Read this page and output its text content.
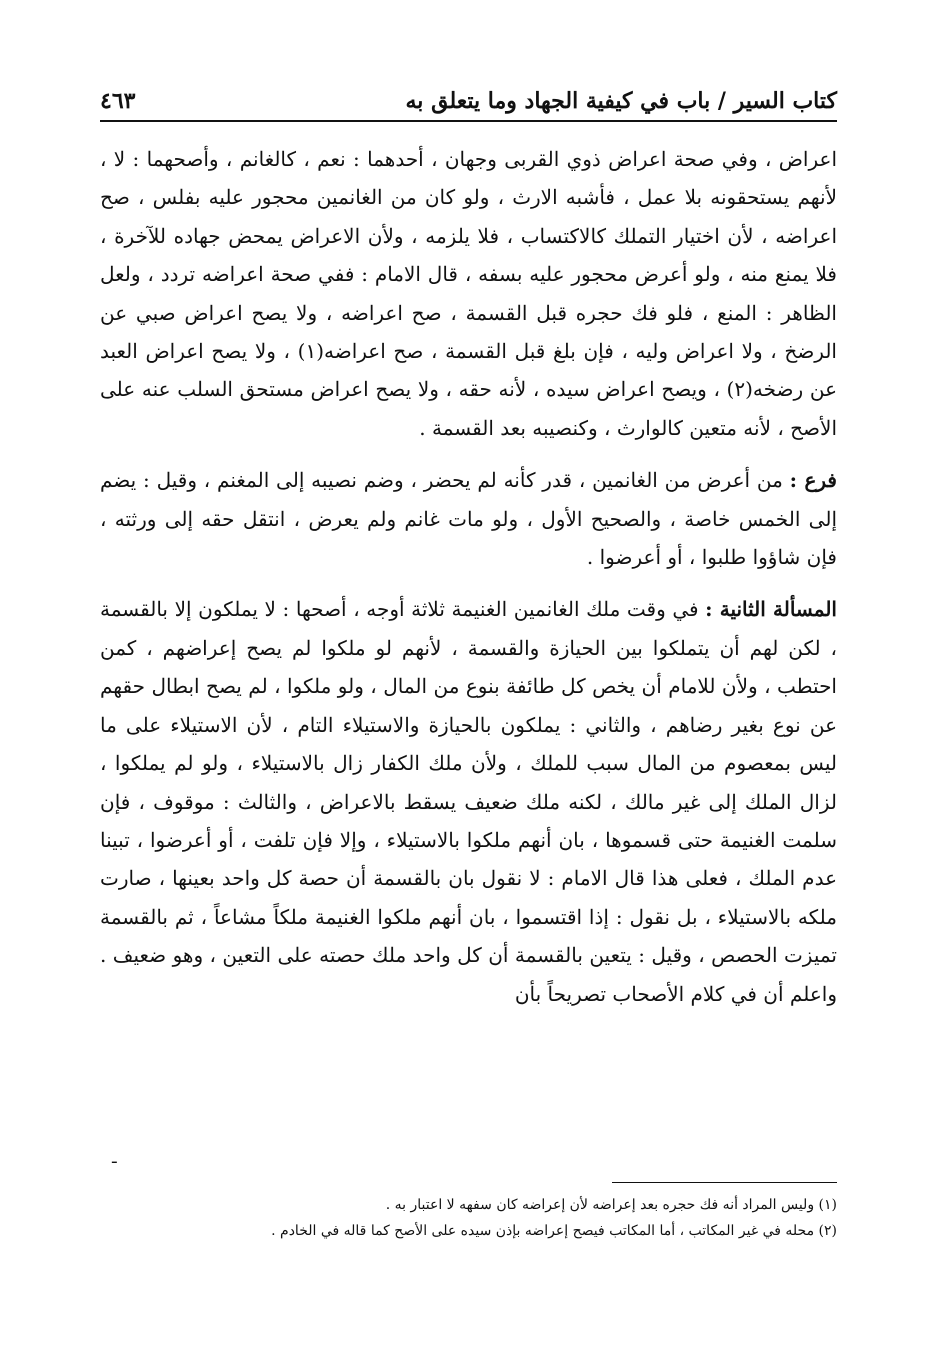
كتاب السير / باب في كيفية الجهاد وما يتعلق به
٤٦٣

اعراض ، وفي صحة اعراض ذوي القربى وجهان ، أحدهما : نعم ، كالغانم ، وأصحهما : لا ، لأنهم يستحقونه بلا عمل ، فأشبه الارث ، ولو كان من الغانمين محجور عليه بفلس ، صح اعراضه ، لأن اختيار التملك كالاكتساب ، فلا يلزمه ، ولأن الاعراض يمحض جهاده للآخرة ، فلا يمنع منه ، ولو أعرض محجور عليه بسفه ، قال الامام : ففي صحة اعراضه تردد ، ولعل الظاهر : المنع ، فلو فك حجره قبل القسمة ، صح اعراضه ، ولا يصح اعراض صبي عن الرضخ ، ولا اعراض وليه ، فإن بلغ قبل القسمة ، صح اعراضه(١) ، ولا يصح اعراض العبد عن رضخه(٢) ، ويصح اعراض سيده ، لأنه حقه ، ولا يصح اعراض مستحق السلب عنه على الأصح ، لأنه متعين كالوارث ، وكنصيبه بعد القسمة .

فرع : من أعرض من الغانمين ، قدر كأنه لم يحضر ، وضم نصيبه إلى المغنم ، وقيل : يضم إلى الخمس خاصة ، والصحيح الأول ، ولو مات غانم ولم يعرض ، انتقل حقه إلى ورثته ، فإن شاؤوا طلبوا ، أو أعرضوا .

المسألة الثانية : في وقت ملك الغانمين الغنيمة ثلاثة أوجه ، أصحها : لا يملكون إلا بالقسمة ، لكن لهم أن يتملكوا بين الحيازة والقسمة ، لأنهم لو ملكوا لم يصح إعراضهم ، كمن احتطب ، ولأن للامام أن يخص كل طائفة بنوع من المال ، ولو ملكوا ، لم يصح ابطال حقهم عن نوع بغير رضاهم ، والثاني : يملكون بالحيازة والاستيلاء التام ، لأن الاستيلاء على ما ليس بمعصوم من المال سبب للملك ، ولأن ملك الكفار زال بالاستيلاء ، ولو لم يملكوا ، لزال الملك إلى غير مالك ، لكنه ملك ضعيف يسقط بالاعراض ، والثالث : موقوف ، فإن سلمت الغنيمة حتى قسموها ، بان أنهم ملكوا بالاستيلاء ، وإلا فإن تلفت ، أو أعرضوا ، تبينا عدم الملك ، فعلى هذا قال الامام : لا نقول بان بالقسمة أن حصة كل واحد بعينها ، صارت ملكه بالاستيلاء ، بل نقول : إذا اقتسموا ، بان أنهم ملكوا الغنيمة ملكاً مشاعاً ، ثم بالقسمة تميزت الحصص ، وقيل : يتعين بالقسمة أن كل واحد ملك حصته على التعين ، وهو ضعيف . واعلم أن في كلام الأصحاب تصريحاً بأن

ـ
(١) وليس المراد أنه فك حجره بعد إعراضه لأن إعراضه كان سفهه لا اعتبار به .
(٢) محله في غير المكاتب ، أما المكاتب فيصح إعراضه بإذن سيده على الأصح كما قاله في الخادم .
